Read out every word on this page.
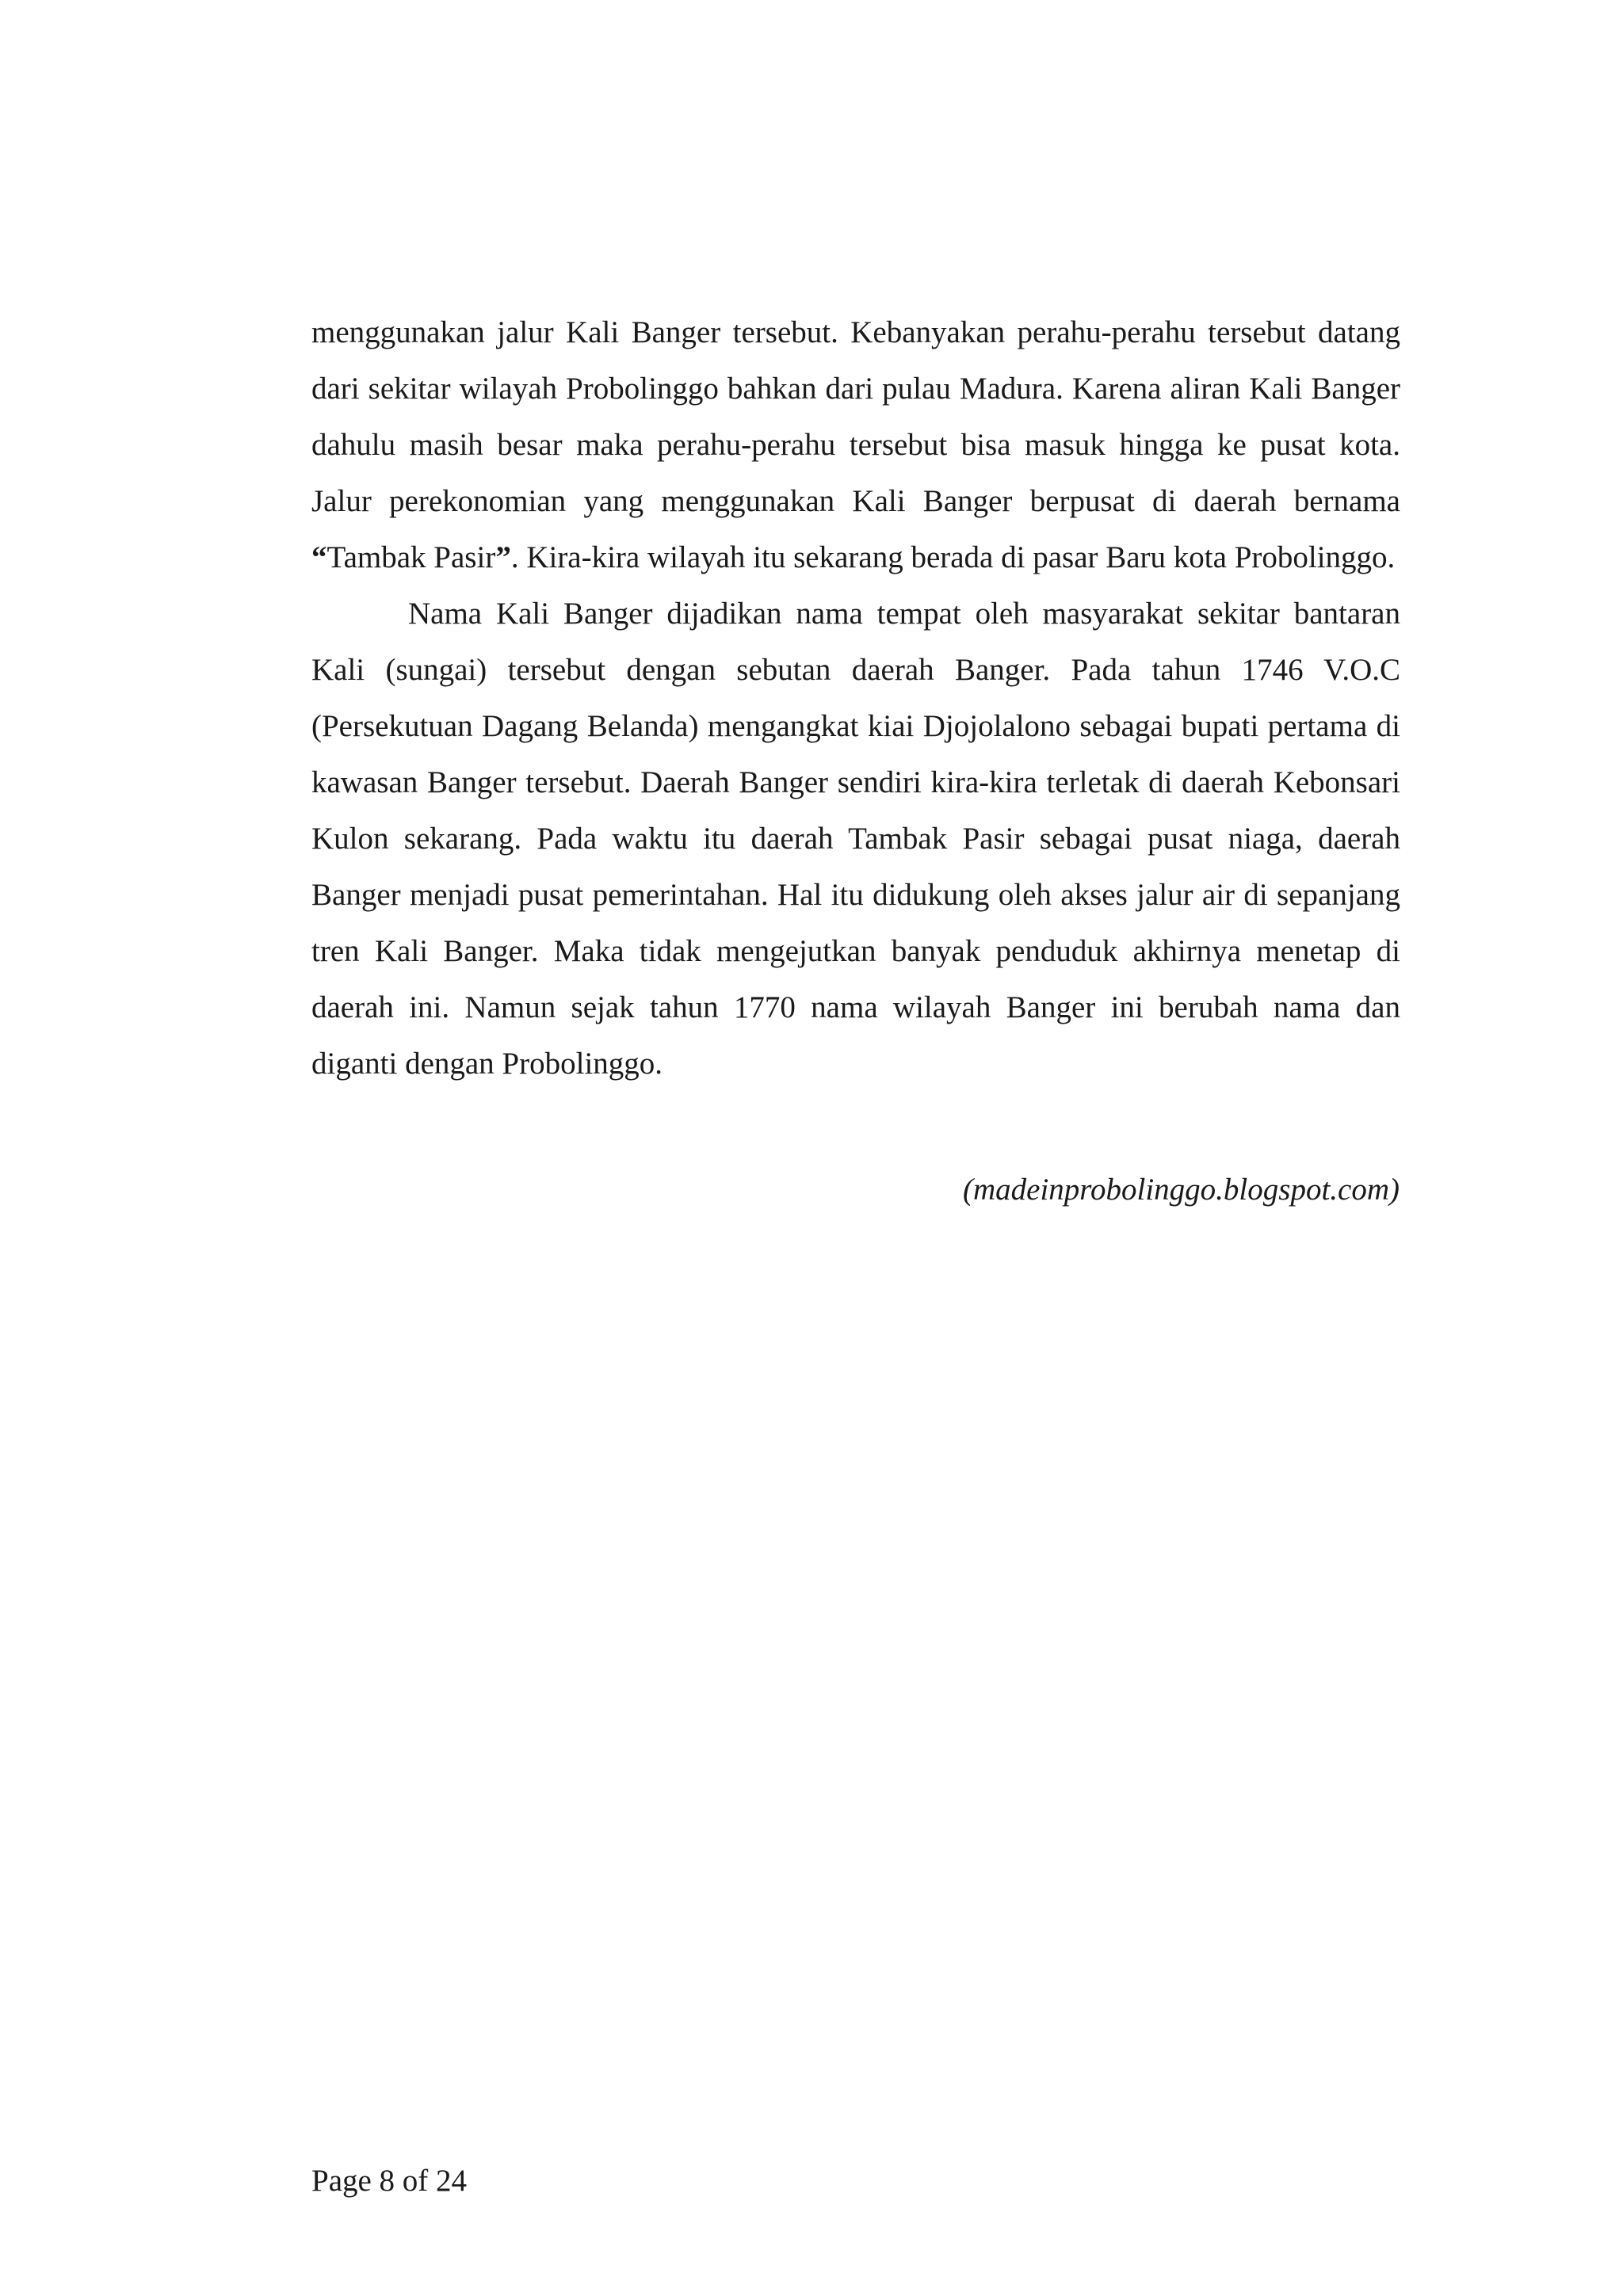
menggunakan jalur Kali Banger tersebut. Kebanyakan perahu-perahu tersebut datang dari sekitar wilayah Probolinggo bahkan dari pulau Madura. Karena aliran Kali Banger dahulu masih besar maka perahu-perahu tersebut bisa masuk hingga ke pusat kota. Jalur perekonomian yang menggunakan Kali Banger berpusat di daerah bernama “Tambak Pasir”. Kira-kira wilayah itu sekarang berada di pasar Baru kota Probolinggo.

Nama Kali Banger dijadikan nama tempat oleh masyarakat sekitar bantaran Kali (sungai) tersebut dengan sebutan daerah Banger. Pada tahun 1746 V.O.C (Persekutuan Dagang Belanda) mengangkat kiai Djojolalono sebagai bupati pertama di kawasan Banger tersebut. Daerah Banger sendiri kira-kira terletak di daerah Kebonsari Kulon sekarang. Pada waktu itu daerah Tambak Pasir sebagai pusat niaga, daerah Banger menjadi pusat pemerintahan. Hal itu didukung oleh akses jalur air di sepanjang tren Kali Banger. Maka tidak mengejutkan banyak penduduk akhirnya menetap di daerah ini. Namun sejak tahun 1770 nama wilayah Banger ini berubah nama dan diganti dengan Probolinggo.

(madeinprobolinggo.blogspot.com)
Page 8 of 24
